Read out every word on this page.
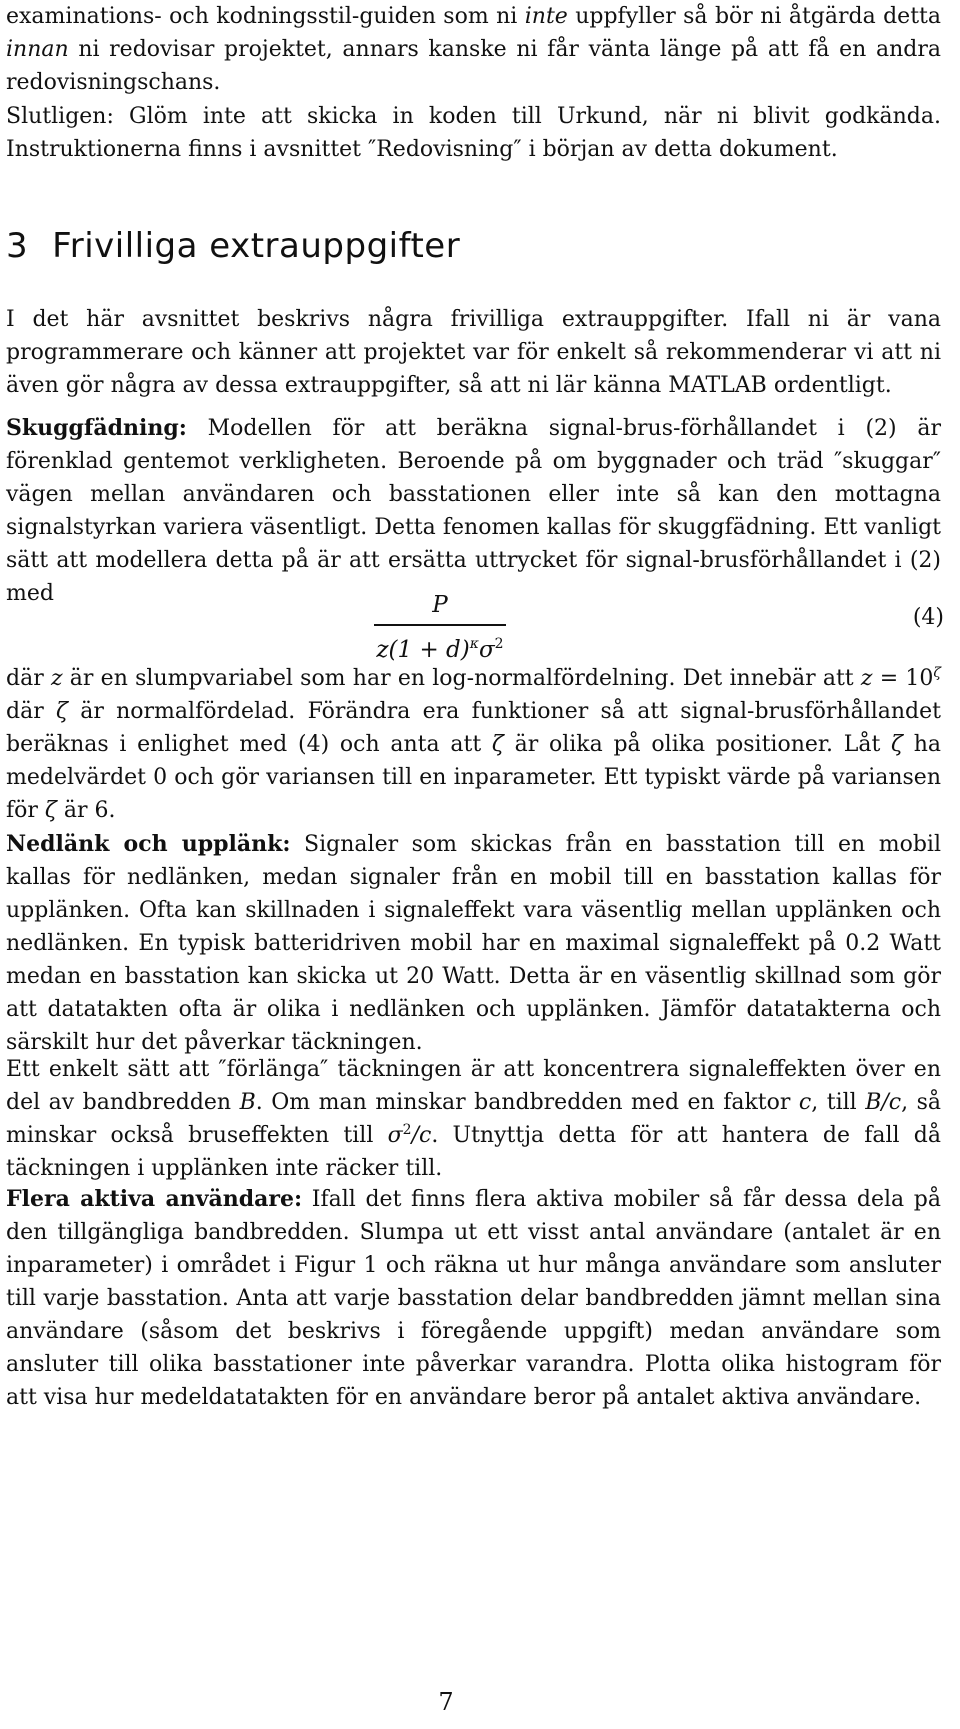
examinations- och kodningsstil-guiden som ni inte uppfyller så bör ni åtgärda detta innan ni redovisar projektet, annars kanske ni får vänta länge på att få en andra redovisningschans.

Slutligen: Glöm inte att skicka in koden till Urkund, när ni blivit godkända. Instruktionerna finns i avsnittet ″Redovisning″ i början av detta dokument.

3 Frivilliga extrauppgifter

I det här avsnittet beskrivs några frivilliga extrauppgifter. Ifall ni är vana programmerare och känner att projektet var för enkelt så rekommenderar vi att ni även gör några av dessa extrauppgifter, så att ni lär känna MATLAB ordentligt.

Skuggfädning: Modellen för att beräkna signal-brus-förhållandet i (2) är förenklad gentemot verkligheten. Beroende på om byggnader och träd ″skuggar″ vägen mellan användaren och basstationen eller inte så kan den mottagna signalstyrkan variera väsentligt. Detta fenomen kallas för skuggfädning. Ett vanligt sätt att modellera detta på är att ersätta uttrycket för signal-brusförhållandet i (2) med	P
$z(1 + d)^\kappa\sigma^2$
(4)

där z är en slumpvariabel som har en log-normalfördelning. Det innebär att $z = 10^\zeta$ där ζ är normalfördelad. Förändra era funktioner så att signal-brusförhållandet beräknas i enlighet med (4) och anta att ζ är olika på olika positioner. Låt ζ ha medelvärdet 0 och gör variansen till en inparameter. Ett typiskt värde på variansen för ζ är 6.

Nedlänk och upplänk: Signaler som skickas från en basstation till en mobil kallas för nedlänken, medan signaler från en mobil till en basstation kallas för upplänken. Ofta kan skillnaden i signaleffekt vara väsentlig mellan upplänken och nedlänken. En typisk batteridriven mobil har en maximal signaleffekt på 0.2 Watt medan en basstation kan skicka ut 20 Watt. Detta är en väsentlig skillnad som gör att datatakten ofta är olika i nedlänken och upplänken. Jämför datatakterna och särskilt hur det påverkar täckningen.

Ett enkelt sätt att ″förlänga″ täckningen är att koncentrera signaleffekten över en del av bandbredden B. Om man minskar bandbredden med en faktor c, till B/c, så minskar också bruseffekten till $\sigma^2/c$. Utnyttja detta för att hantera de fall då täckningen i upplänken inte räcker till.

Flera aktiva användare: Ifall det finns flera aktiva mobiler så får dessa dela på den tillgängliga bandbredden. Slumpa ut ett visst antal användare (antalet är en inparameter) i området i Figur 1 och räkna ut hur många användare som ansluter till varje basstation. Anta att varje basstation delar bandbredden jämnt mellan sina användare (såsom det beskrivs i föregående uppgift) medan användare som ansluter till olika basstationer inte påverkar varandra. Plotta olika histogram för att visa hur medeldatatakten för en användare beror på antalet aktiva användare.

7
